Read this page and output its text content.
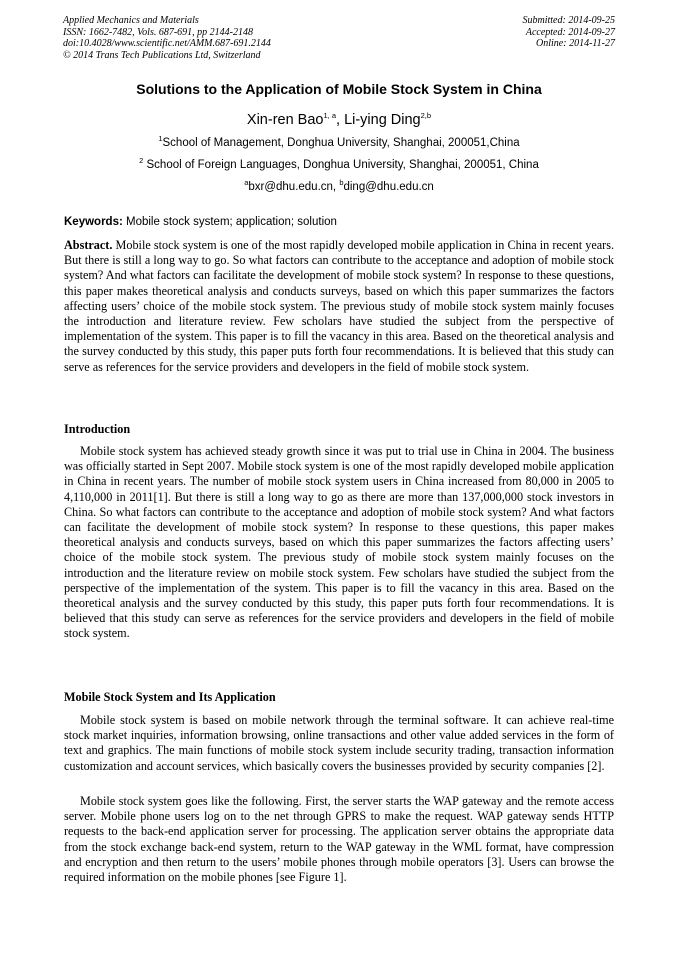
Applied Mechanics and Materials
ISSN: 1662-7482, Vols. 687-691, pp 2144-2148
doi:10.4028/www.scientific.net/AMM.687-691.2144
© 2014 Trans Tech Publications Ltd, Switzerland
Submitted: 2014-09-25
Accepted: 2014-09-27
Online: 2014-11-27
Solutions to the Application of Mobile Stock System in China
Xin-ren Bao$^{1, a}$, Li-ying Ding$^{2,b}$
$^1$School of Management, Donghua University, Shanghai, 200051,China
$^2$ School of Foreign Languages, Donghua University, Shanghai, 200051, China
$^a$bxr@dhu.edu.cn, $^b$ding@dhu.edu.cn
Keywords: Mobile stock system; application; solution

Abstract. Mobile stock system is one of the most rapidly developed mobile application in China in recent years. But there is still a long way to go. So what factors can contribute to the acceptance and adoption of mobile stock system? And what factors can facilitate the development of mobile stock system? In response to these questions, this paper makes theoretical analysis and conducts surveys, based on which this paper summarizes the factors affecting users’ choice of the mobile stock system. The previous study of mobile stock system mainly focuses the introduction and literature review. Few scholars have studied the subject from the perspective of implementation of the system. This paper is to fill the vacancy in this area. Based on the theoretical analysis and the survey conducted by this study, this paper puts forth four recommendations. It is believed that this study can serve as references for the service providers and developers in the field of mobile stock system.

Introduction

Mobile stock system has achieved steady growth since it was put to trial use in China in 2004. The business was officially started in Sept 2007. Mobile stock system is one of the most rapidly developed mobile application in China in recent years. The number of mobile stock system users in China increased from 80,000 in 2005 to 4,110,000 in 2011[1]. But there is still a long way to go as there are more than 137,000,000 stock investors in China. So what factors can contribute to the acceptance and adoption of mobile stock system? And what factors can facilitate the development of mobile stock system? In response to these questions, this paper makes theoretical analysis and conducts surveys, based on which this paper summarizes the factors affecting users’ choice of the mobile stock system. The previous study of mobile stock system mainly focuses on the introduction and the literature review on mobile stock system. Few scholars have studied the subject from the perspective of the implementation of the system. This paper is to fill the vacancy in this area. Based on the theoretical analysis and the survey conducted by this study, this paper puts forth four recommendations. It is believed that this study can serve as references for the service providers and developers in the field of mobile stock system.

Mobile Stock System and Its Application

Mobile stock system is based on mobile network through the terminal software. It can achieve real-time stock market inquiries, information browsing, online transactions and other value added services in the form of text and graphics. The main functions of mobile stock system include security trading, transaction information customization and account services, which basically covers the businesses provided by security companies [2].

Mobile stock system goes like the following. First, the server starts the WAP gateway and the remote access server. Mobile phone users log on to the net through GPRS to make the request. WAP gateway sends HTTP requests to the back-end application server for processing. The application server obtains the appropriate data from the stock exchange back-end system, return to the WAP gateway in the WML format, have compression and encryption and then return to the users’ mobile phones through mobile operators [3]. Users can browse the required information on the mobile phones [see Figure 1].
